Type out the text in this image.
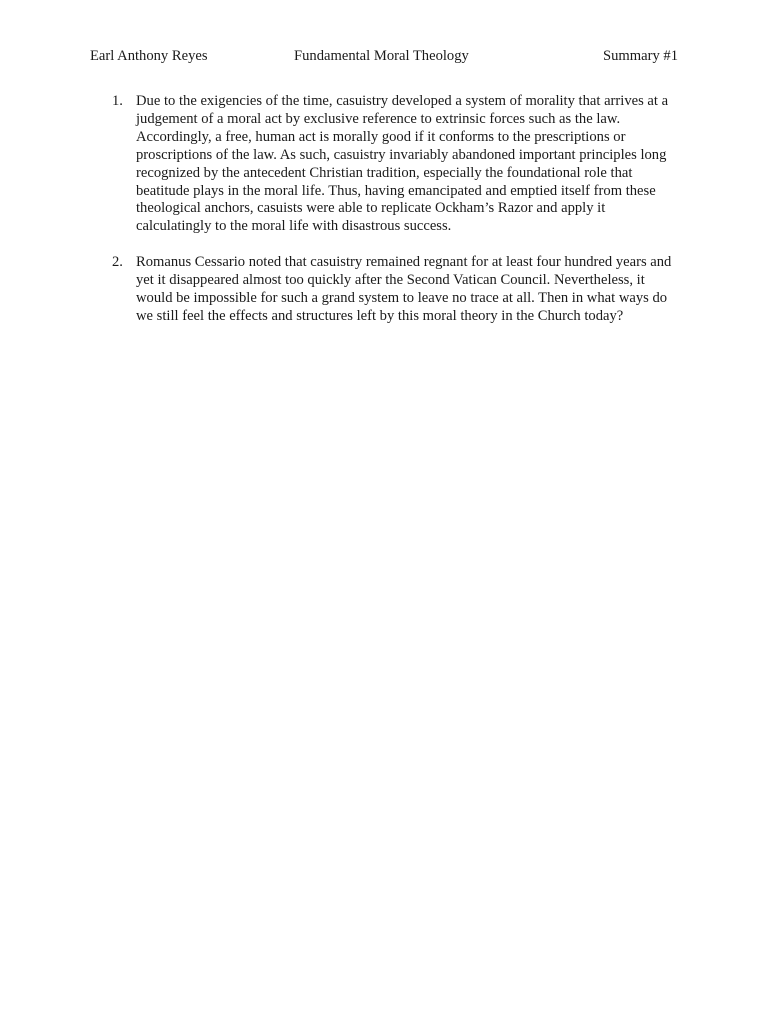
Earl Anthony Reyes	Fundamental Moral Theology	Summary #1
1. Due to the exigencies of the time, casuistry developed a system of morality that arrives at a judgement of a moral act by exclusive reference to extrinsic forces such as the law. Accordingly, a free, human act is morally good if it conforms to the prescriptions or proscriptions of the law. As such, casuistry invariably abandoned important principles long recognized by the antecedent Christian tradition, especially the foundational role that beatitude plays in the moral life. Thus, having emancipated and emptied itself from these theological anchors, casuists were able to replicate Ockham’s Razor and apply it calculatingly to the moral life with disastrous success.
2. Romanus Cessario noted that casuistry remained regnant for at least four hundred years and yet it disappeared almost too quickly after the Second Vatican Council. Nevertheless, it would be impossible for such a grand system to leave no trace at all. Then in what ways do we still feel the effects and structures left by this moral theory in the Church today?
